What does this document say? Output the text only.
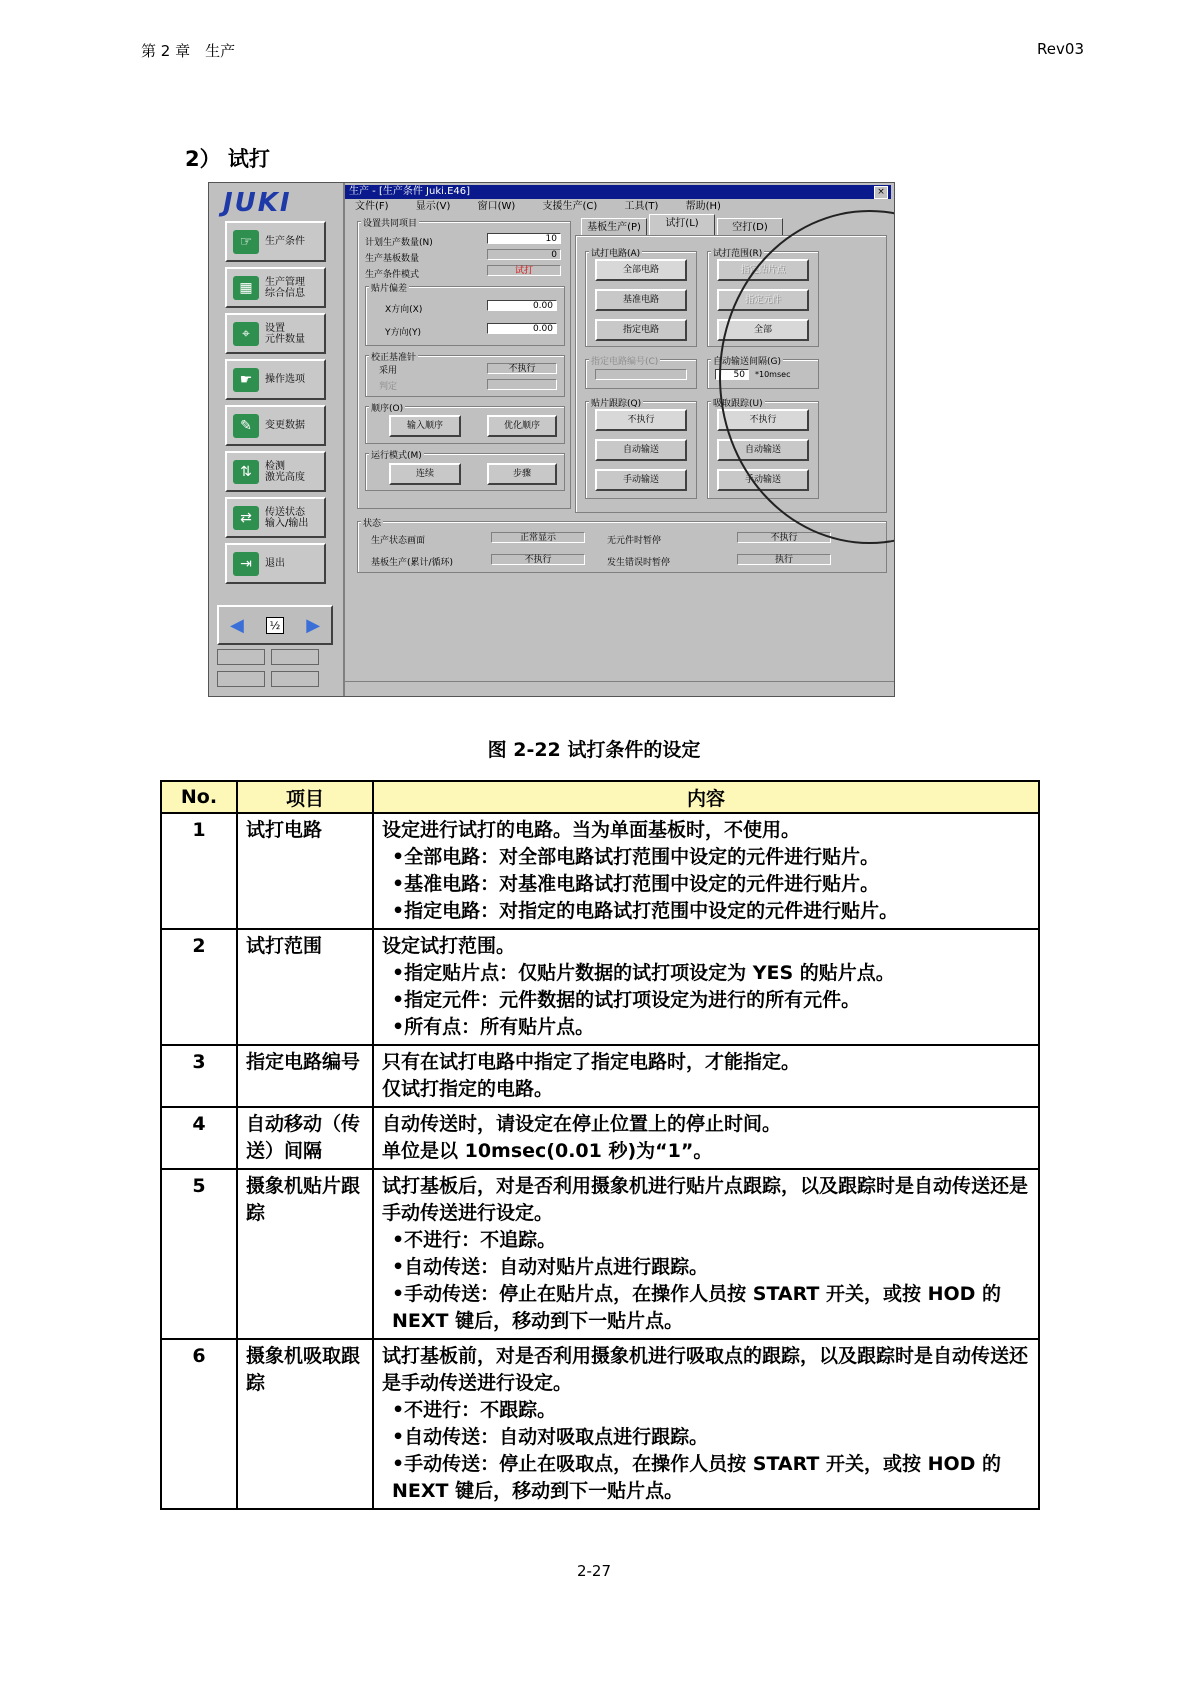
第 2 章　生产	Rev03
2） 试打
JUKI
◀	½ ▶
☞	生产条件
▦	生产管理
综合信息
⌖	设置
元件数量
☛	操作选项
✎	变更数据
⇅	检测
激光高度
⇄	传送状态
输入/输出
⇥	退出
生产 - [生产条件 Juki.E46]	×
文件(F)	显示(V)	窗口(W)	支援生产(C)	工具(T)	帮助(H)
设置共同项目
计划生产数量(N)	10
生产基板数量	0
生产条件模式	试打
贴片偏差
X方向(X)	0.00
Y方向(Y)	0.00
校正基准针
采用	不执行
判定
顺序(O)
输入顺序	优化顺序
运行模式(M)
连续	步骤
基板生产(P)	试打(L)	空打(D)
试打电路(A)
全部电路
基准电路
指定电路
试打范围(R)
指定贴片点
指定元件
全部
指定电路编号(C)	自动输送间隔(G)
50	*10msec
贴片跟踪(Q)
不执行
自动输送
手动输送
吸取跟踪(U)
不执行
自动输送
手动输送
状态
生产状态画面	正常显示	无元件时暂停	不执行
基板生产(累计/循环)	不执行	发生错误时暂停	执行
图 2-22 试打条件的设定
No.	项目	内容
1	试打电路	设定进行试打的电路。当为单面基板时，不使用。
•全部电路：对全部电路试打范围中设定的元件进行贴片。
•基准电路：对基准电路试打范围中设定的元件进行贴片。
•指定电路：对指定的电路试打范围中设定的元件进行贴片。

2	试打范围	设定试打范围。
•指定贴片点：仅贴片数据的试打项设定为 YES 的贴片点。
•指定元件：元件数据的试打项设定为进行的所有元件。
•所有点：所有贴片点。

3	指定电路编号	只有在试打电路中指定了指定电路时，才能指定。
仅试打指定的电路。

4	自动移动（传送）间隔	自动传送时，请设定在停止位置上的停止时间。
单位是以 10msec(0.01 秒)为“1”。

5	摄象机贴片跟踪	试打基板后，对是否利用摄象机进行贴片点跟踪，以及跟踪时是自动传送还是手动传送进行设定。
•不进行：不追踪。
•自动传送：自动对贴片点进行跟踪。
•手动传送：停止在贴片点，在操作人员按 START 开关，或按 HOD 的 NEXT 键后，移动到下一贴片点。

6	摄象机吸取跟踪	试打基板前，对是否利用摄象机进行吸取点的跟踪，以及跟踪时是自动传送还是手动传送进行设定。
•不进行：不跟踪。
•自动传送：自动对吸取点进行跟踪。
•手动传送：停止在吸取点，在操作人员按 START 开关，或按 HOD 的 NEXT 键后，移动到下一贴片点。
2-27
